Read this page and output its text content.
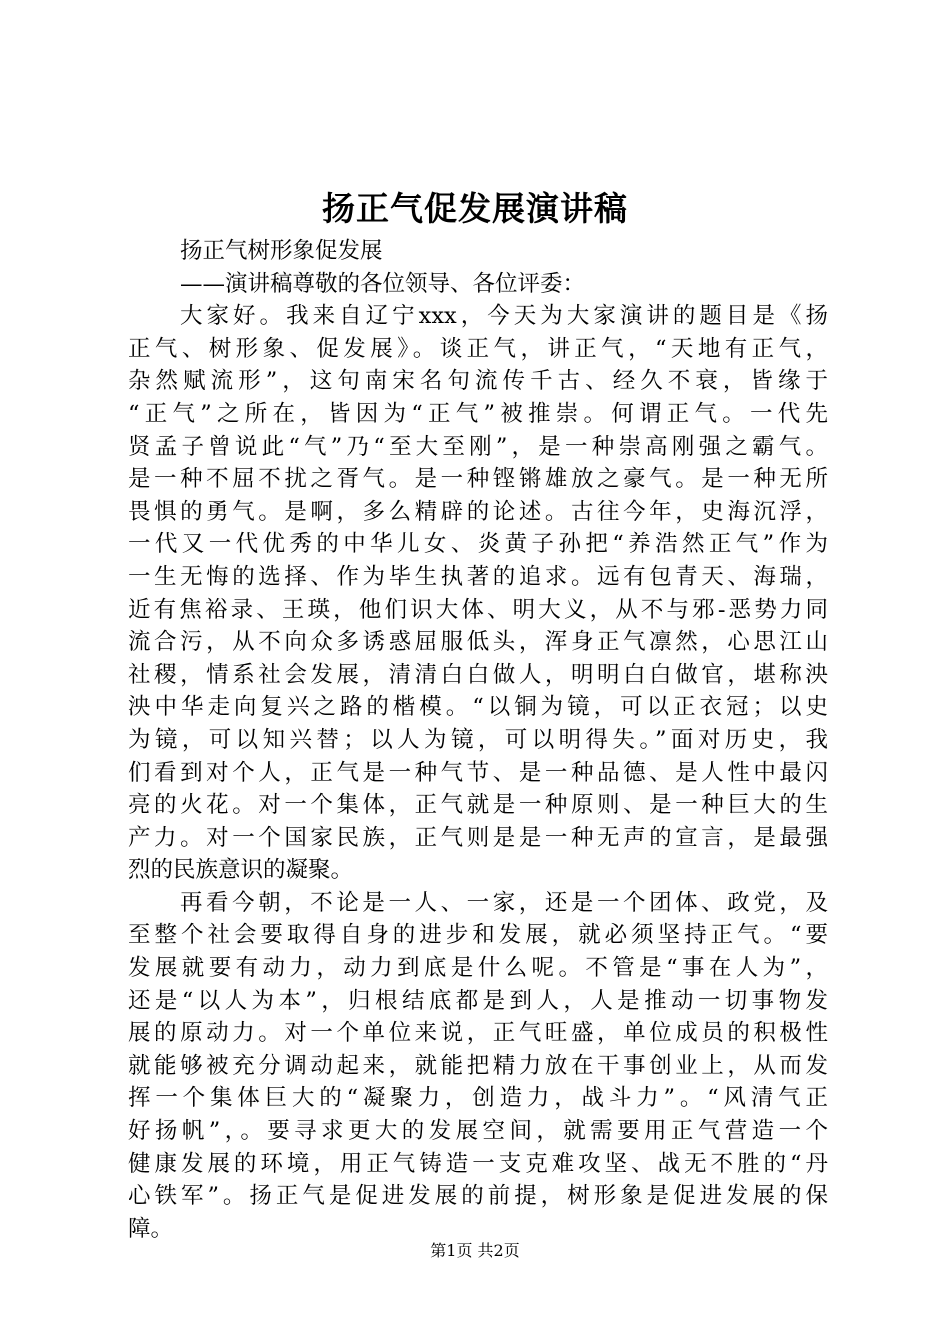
扬正气促发展演讲稿
扬正气树形象促发展
——演讲稿尊敬的各位领导、各位评委：
大家好。我来自辽宁xxx，今天为大家演讲的题目是《扬
正气、树形象、促发展》。谈正气，讲正气，“天地有正气，
杂然赋流形”，这句南宋名句流传千古、经久不衰，皆缘于
“正气”之所在，皆因为“正气”被推崇。何谓正气。一代先
贤孟子曾说此“气”乃“至大至刚”，是一种崇高刚强之霸气。
是一种不屈不扰之胥气。是一种铿锵雄放之豪气。是一种无所
畏惧的勇气。是啊，多么精辟的论述。古往今年，史海沉浮，
一代又一代优秀的中华儿女、炎黄子孙把“养浩然正气”作为
一生无悔的选择、作为毕生执著的追求。远有包青天、海瑞，
近有焦裕录、王瑛，他们识大体、明大义，从不与邪-恶势力同
流合污，从不向众多诱惑屈服低头，浑身正气凛然，心思江山
社稷，情系社会发展，清清白白做人，明明白白做官，堪称泱
泱中华走向复兴之路的楷模。“以铜为镜，可以正衣冠；以史
为镜，可以知兴替；以人为镜，可以明得失。”面对历史，我
们看到对个人，正气是一种气节、是一种品德、是人性中最闪
亮的火花。对一个集体，正气就是一种原则、是一种巨大的生
产力。对一个国家民族，正气则是是一种无声的宣言，是最强
烈的民族意识的凝聚。
再看今朝，不论是一人、一家，还是一个团体、政党，及
至整个社会要取得自身的进步和发展，就必须坚持正气。“要
发展就要有动力，动力到底是什么呢。不管是“事在人为”，
还是“以人为本”，归根结底都是到人，人是推动一切事物发
展的原动力。对一个单位来说，正气旺盛，单位成员的积极性
就能够被充分调动起来，就能把精力放在干事创业上，从而发
挥一个集体巨大的“凝聚力，创造力，战斗力”。“风清气正
好扬帆”，。要寻求更大的发展空间，就需要用正气营造一个
健康发展的环境，用正气铸造一支克难攻坚、战无不胜的“丹
心铁军”。扬正气是促进发展的前提，树形象是促进发展的保
障。
第1页 共2页
